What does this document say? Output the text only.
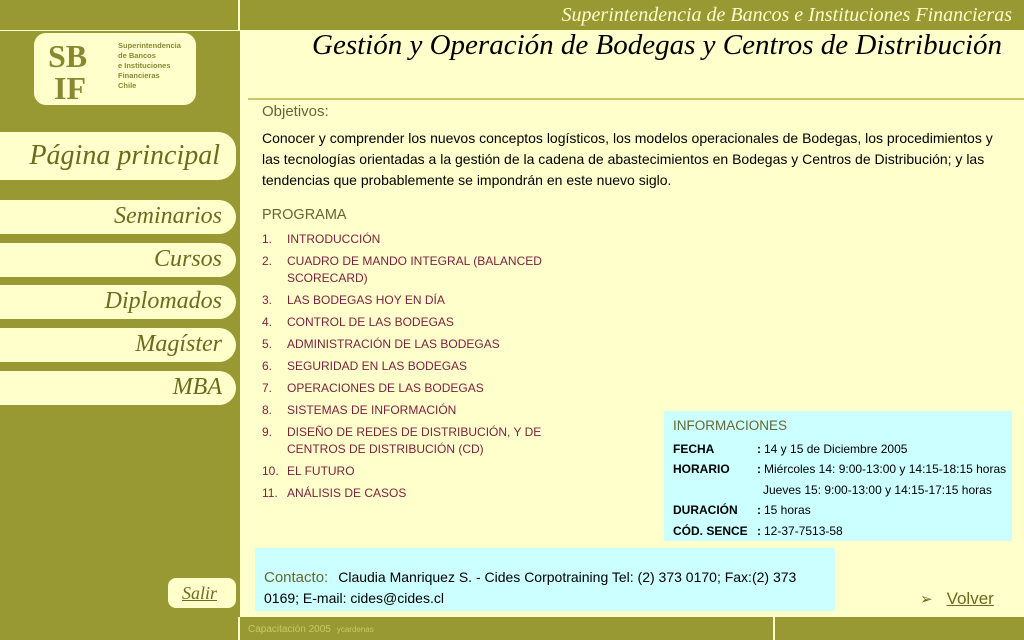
Superintendencia de Bancos e Instituciones Financieras
SB
IF
Superintendencia
de Bancos
e Instituciones
Financieras
Chile
Página principal
Seminarios
Cursos
Diplomados
Magíster
MBA
Salir
Gestión y Operación de Bodegas y Centros de Distribución
Objetivos:
Conocer y comprender los nuevos conceptos logísticos, los modelos operacionales de Bodegas, los procedimientos y las tecnologías orientadas a la gestión de la cadena de abastecimientos en Bodegas y Centros de Distribución; y las tendencias que probablemente se impondrán en este nuevo siglo.
PROGRAMA
1. INTRODUCCIÓN
2. CUADRO DE MANDO INTEGRAL (BALANCED SCORECARD)
3. LAS BODEGAS HOY EN DÍA
4. CONTROL DE LAS BODEGAS
5. ADMINISTRACIÓN DE LAS BODEGAS
6. SEGURIDAD EN LAS BODEGAS
7. OPERACIONES DE LAS BODEGAS
8. SISTEMAS DE INFORMACIÓN
9. DISEÑO DE REDES DE DISTRIBUCIÓN, Y DE CENTROS DE DISTRIBUCIÓN (CD)
10. EL FUTURO
11. ANÁLISIS DE CASOS
INFORMACIONES
FECHA	: 14 y 15 de Diciembre 2005
HORARIO	: Miércoles 14: 9:00-13:00 y 14:15-18:15 horas
Jueves 15: 9:00-13:00 y 14:15-17:15 horas
DURACIÓN	: 15 horas
CÓD. SENCE : 12-37-7513-58
Contacto: Claudia Manriquez S. - Cides Corpotraining Tel: (2) 373 0170; Fax:(2) 373 0169; E-mail: cides@cides.cl	➢ Volver
Capacitación 2005 ycardenas
